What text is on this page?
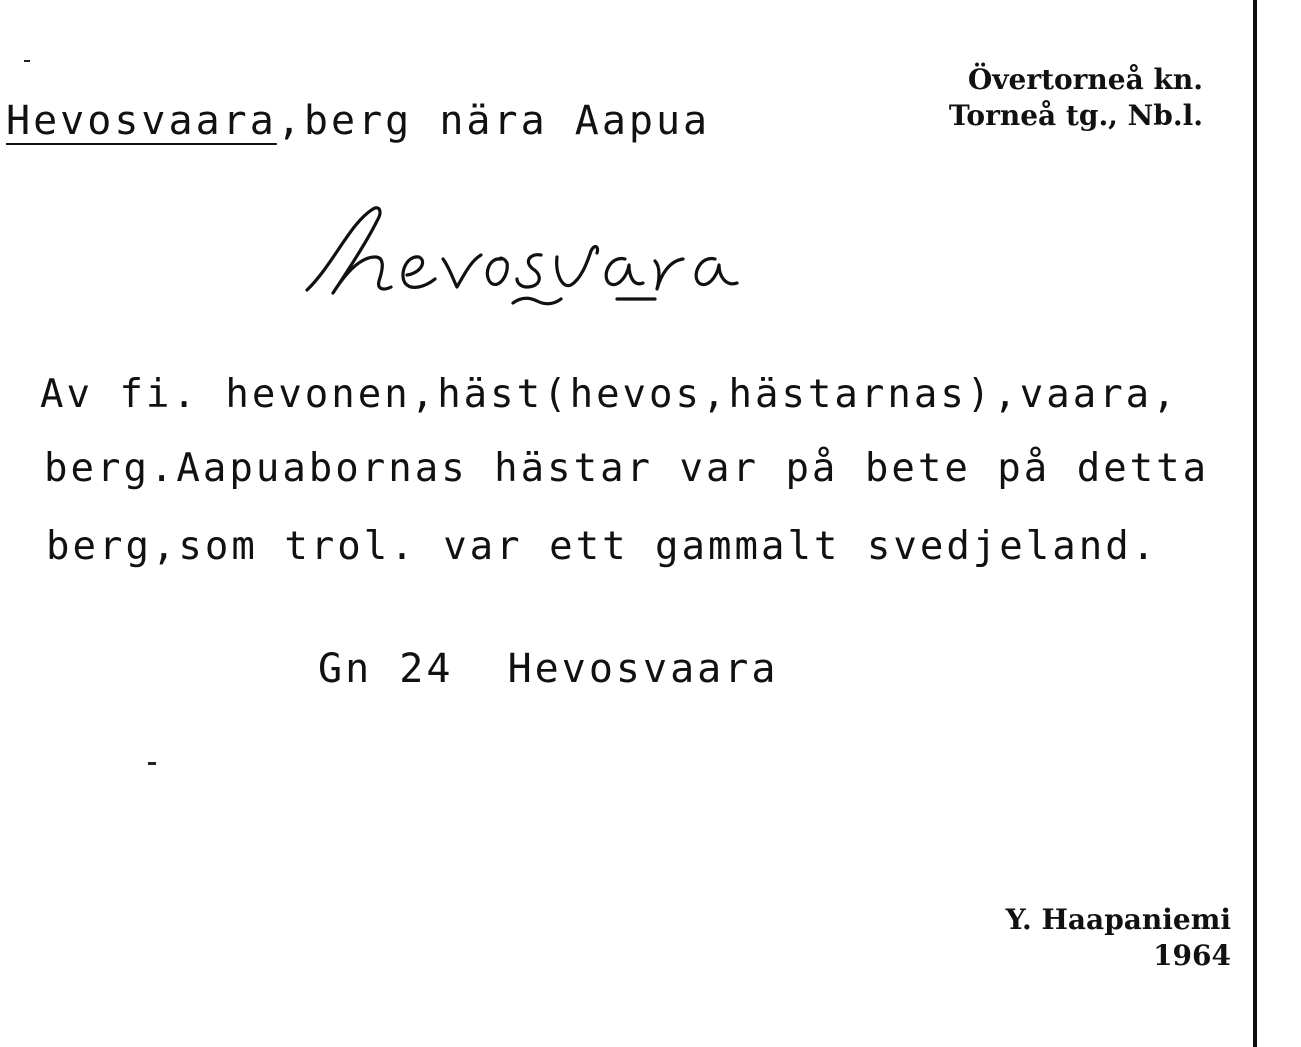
Hevosvaara,berg nära Aapua
Övertorneå kn.
Torneå tg., Nb.l.
Av fi. hevonen,häst(hevos,hästarnas),vaara,
berg.Aapuabornas hästar var på bete på detta
berg,som trol. var ett gammalt svedjeland.
Gn 24  Hevosvaara
Y. Haapaniemi
1964
